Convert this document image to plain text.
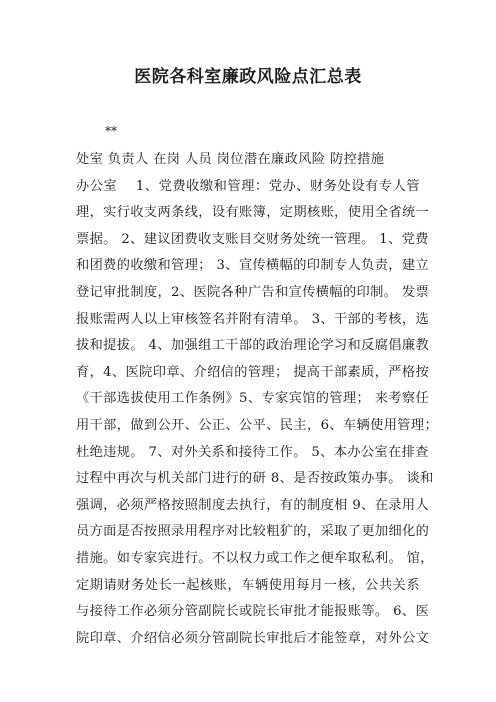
医院各科室廉政风险点汇总表

**

处室 负责人 在岗 人员 岗位潜在廉政风险 防控措施
办公室　 1、党费收缴和管理：党办、财务处设有专人管
理，实行收支两条线，设有账簿，定期核账，使用全省统一
票据。 2、建议团费收支账目交财务处统一管理。 1、党费
和团费的收缴和管理； 3、宣传横幅的印制专人负责，建立
登记审批制度，2、医院各种广告和宣传横幅的印制。 发票
报账需两人以上审核签名并附有清单。 3、干部的考核，选
拔和提拔。 4、加强组工干部的政治理论学习和反腐倡廉教
育，4、医院印章、介绍信的管理； 提高干部素质，严格按
《干部选拔使用工作条例》5、专家宾馆的管理； 来考察任
用干部，做到公开、公正、公平、民主，6、车辆使用管理；
杜绝违规。 7、对外关系和接待工作。 5、本办公室在排查
过程中再次与机关部门进行的研 8、是否按政策办事。 谈和
强调，必须严格按照制度去执行，有的制度相 9、在录用人
员方面是否按照录用程序对比较粗犷的，采取了更加细化的
措施。如专家宾进行。不以权力或工作之便牟取私利。 馆，
定期请财务处长一起核账，车辆使用每月一核，公共关系
与接待工作必须分管副院长或院长审批才能报账等。 6、医
院印章、介绍信必须分管副院长审批后才能签章，对外公文
